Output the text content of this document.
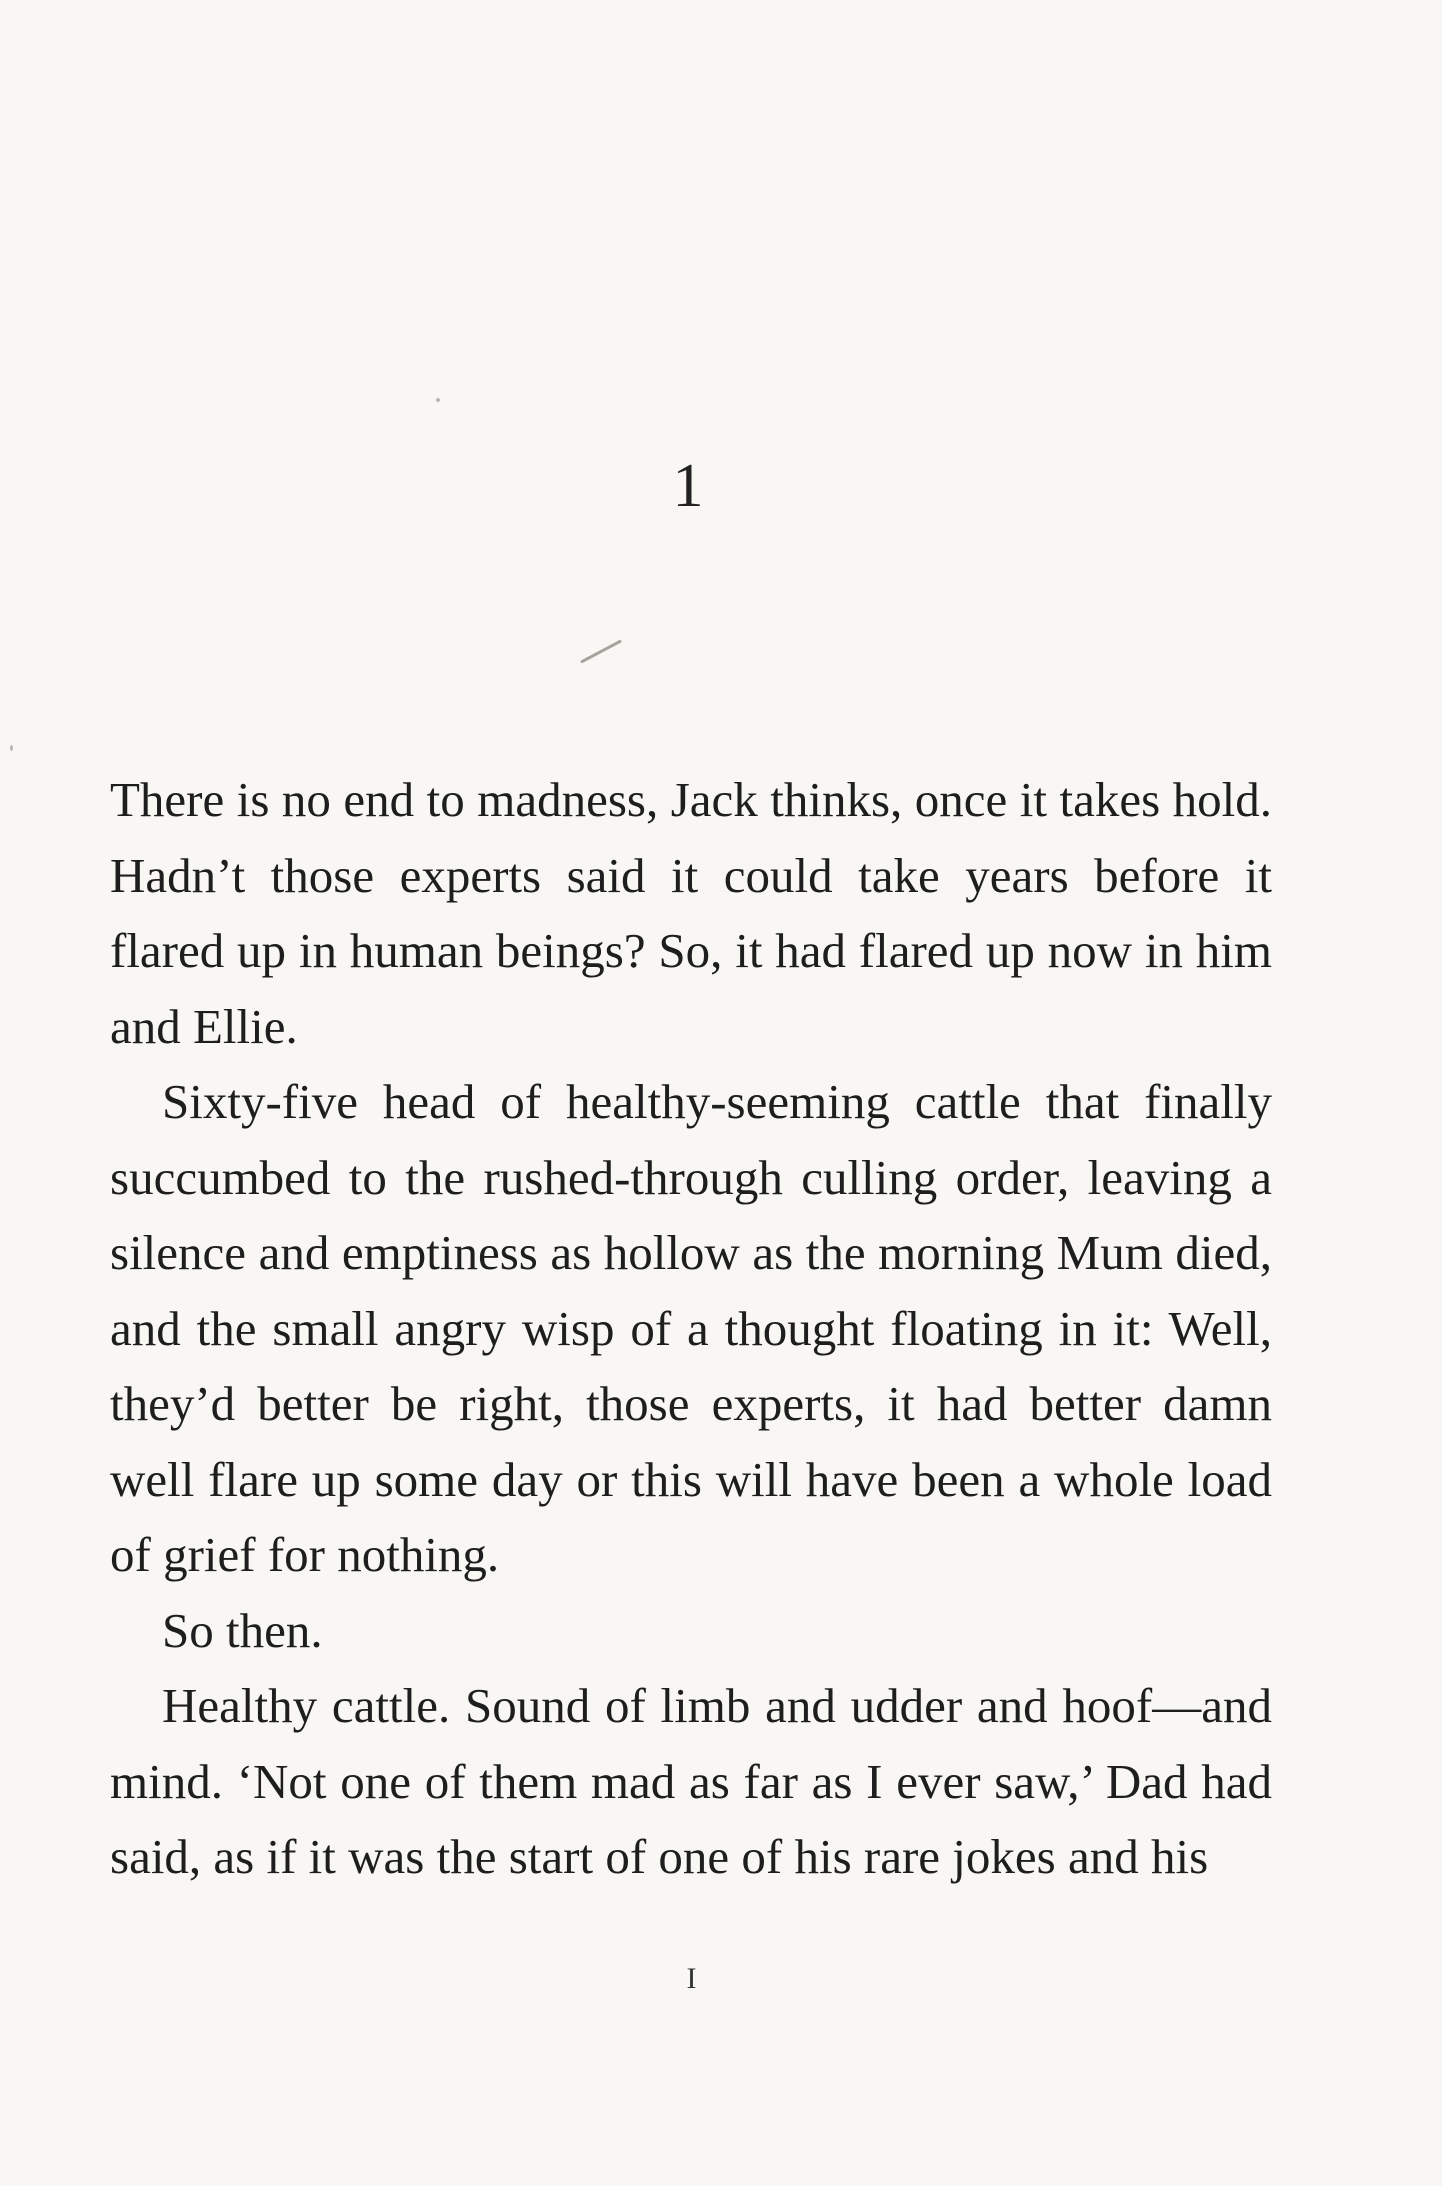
1

There is no end to madness, Jack thinks, once it takes hold. Hadn’t those experts said it could take years before it flared up in human beings? So, it had flared up now in him and Ellie.

Sixty-five head of healthy-seeming cattle that finally succumbed to the rushed-through culling order, leaving a silence and emptiness as hollow as the morning Mum died, and the small angry wisp of a thought floating in it: Well, they’d better be right, those experts, it had better damn well flare up some day or this will have been a whole load of grief for nothing.

So then.

Healthy cattle. Sound of limb and udder and hoof—and mind. ‘Not one of them mad as far as I ever saw,’ Dad had said, as if it was the start of one of his rare jokes and his

I
